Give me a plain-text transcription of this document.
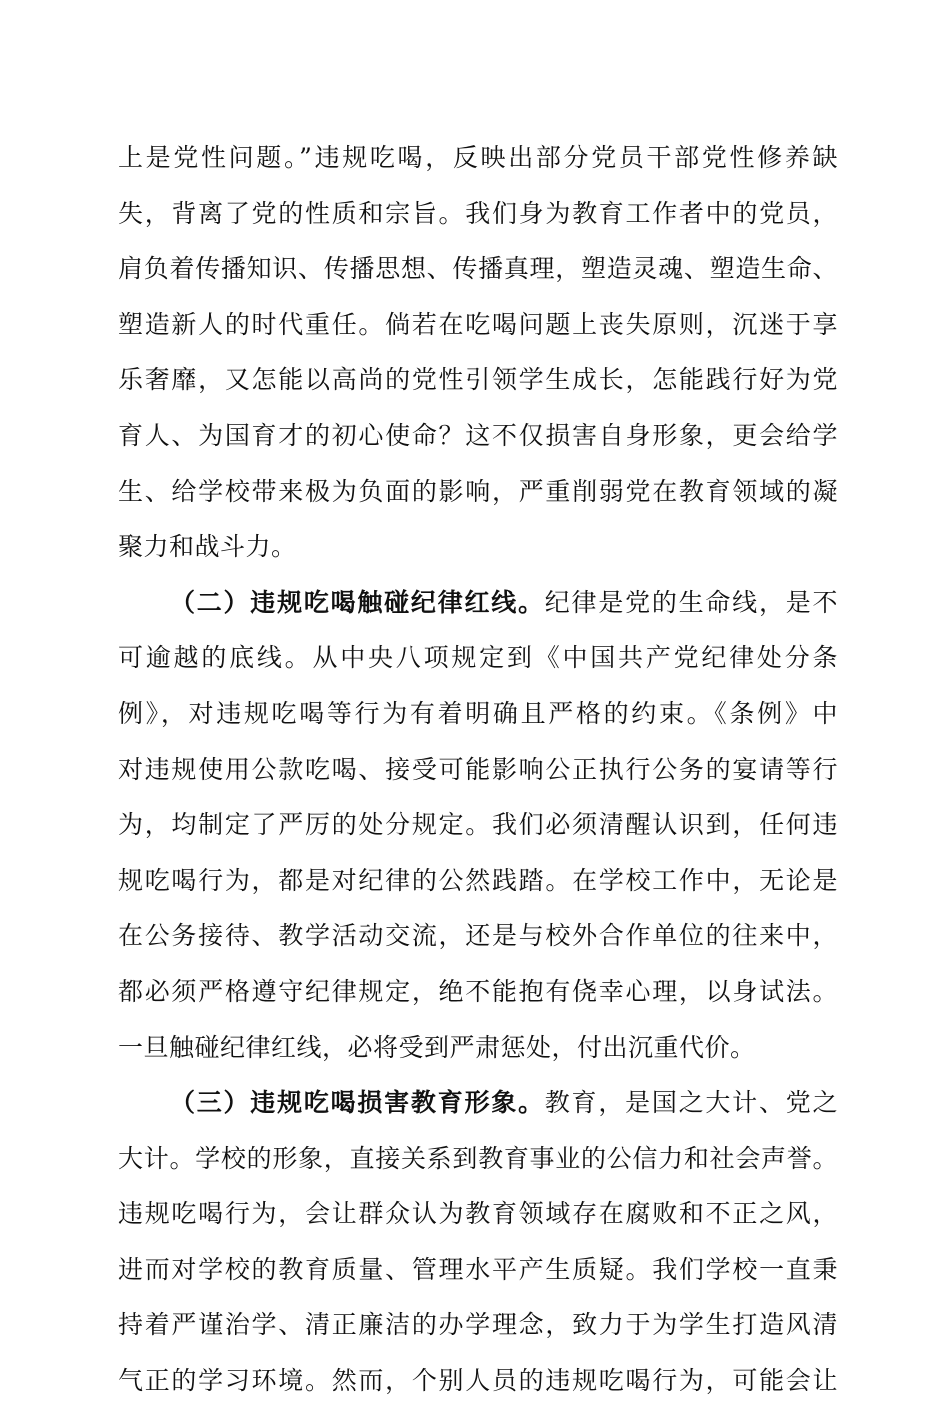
上是党性问题。”违规吃喝，反映出部分党员干部党性修养缺
失，背离了党的性质和宗旨。我们身为教育工作者中的党员，
肩负着传播知识、传播思想、传播真理，塑造灵魂、塑造生命、
塑造新人的时代重任。倘若在吃喝问题上丧失原则，沉迷于享
乐奢靡，又怎能以高尚的党性引领学生成长，怎能践行好为党
育人、为国育才的初心使命？这不仅损害自身形象，更会给学
生、给学校带来极为负面的影响，严重削弱党在教育领域的凝
聚力和战斗力。
（二）违规吃喝触碰纪律红线。纪律是党的生命线，是不
可逾越的底线。从中央八项规定到《中国共产党纪律处分条
例》，对违规吃喝等行为有着明确且严格的约束。《条例》中
对违规使用公款吃喝、接受可能影响公正执行公务的宴请等行
为，均制定了严厉的处分规定。我们必须清醒认识到，任何违
规吃喝行为，都是对纪律的公然践踏。在学校工作中，无论是
在公务接待、教学活动交流，还是与校外合作单位的往来中，
都必须严格遵守纪律规定，绝不能抱有侥幸心理，以身试法。
一旦触碰纪律红线，必将受到严肃惩处，付出沉重代价。
（三）违规吃喝损害教育形象。教育，是国之大计、党之
大计。学校的形象，直接关系到教育事业的公信力和社会声誉。
违规吃喝行为，会让群众认为教育领域存在腐败和不正之风，
进而对学校的教育质量、管理水平产生质疑。我们学校一直秉
持着严谨治学、清正廉洁的办学理念，致力于为学生打造风清
气正的学习环境。然而，个别人员的违规吃喝行为，可能会让
